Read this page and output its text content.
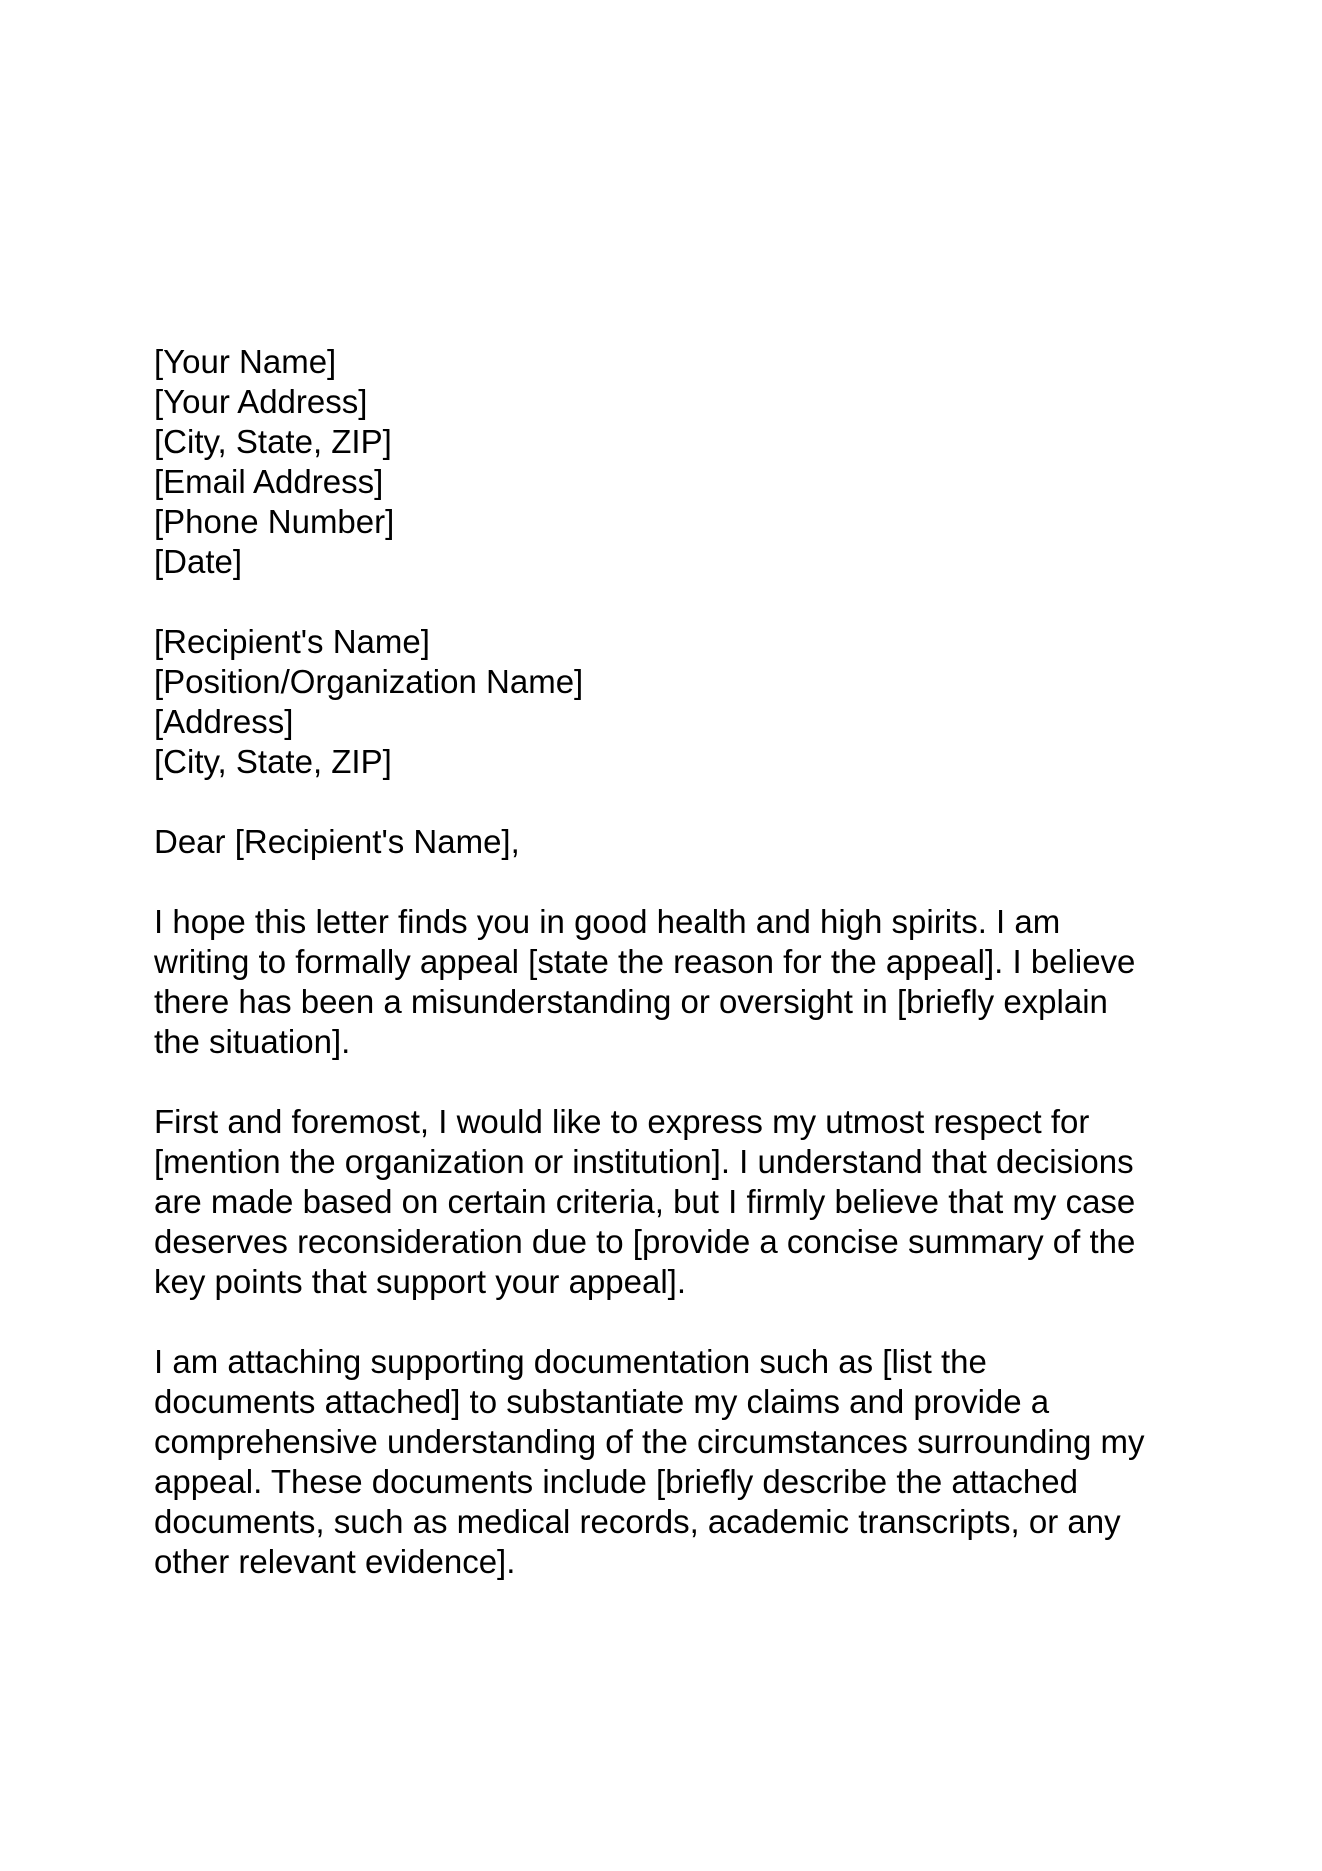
[Your Name]
[Your Address]
[City, State, ZIP]
[Email Address]
[Phone Number]
[Date]
[Recipient's Name]
[Position/Organization Name]
[Address]
[City, State, ZIP]
Dear [Recipient's Name],
I hope this letter finds you in good health and high spirits. I am
writing to formally appeal [state the reason for the appeal]. I believe
there has been a misunderstanding or oversight in [briefly explain
the situation].
First and foremost, I would like to express my utmost respect for
[mention the organization or institution]. I understand that decisions
are made based on certain criteria, but I firmly believe that my case
deserves reconsideration due to [provide a concise summary of the
key points that support your appeal].
I am attaching supporting documentation such as [list the
documents attached] to substantiate my claims and provide a
comprehensive understanding of the circumstances surrounding my
appeal. These documents include [briefly describe the attached
documents, such as medical records, academic transcripts, or any
other relevant evidence].
